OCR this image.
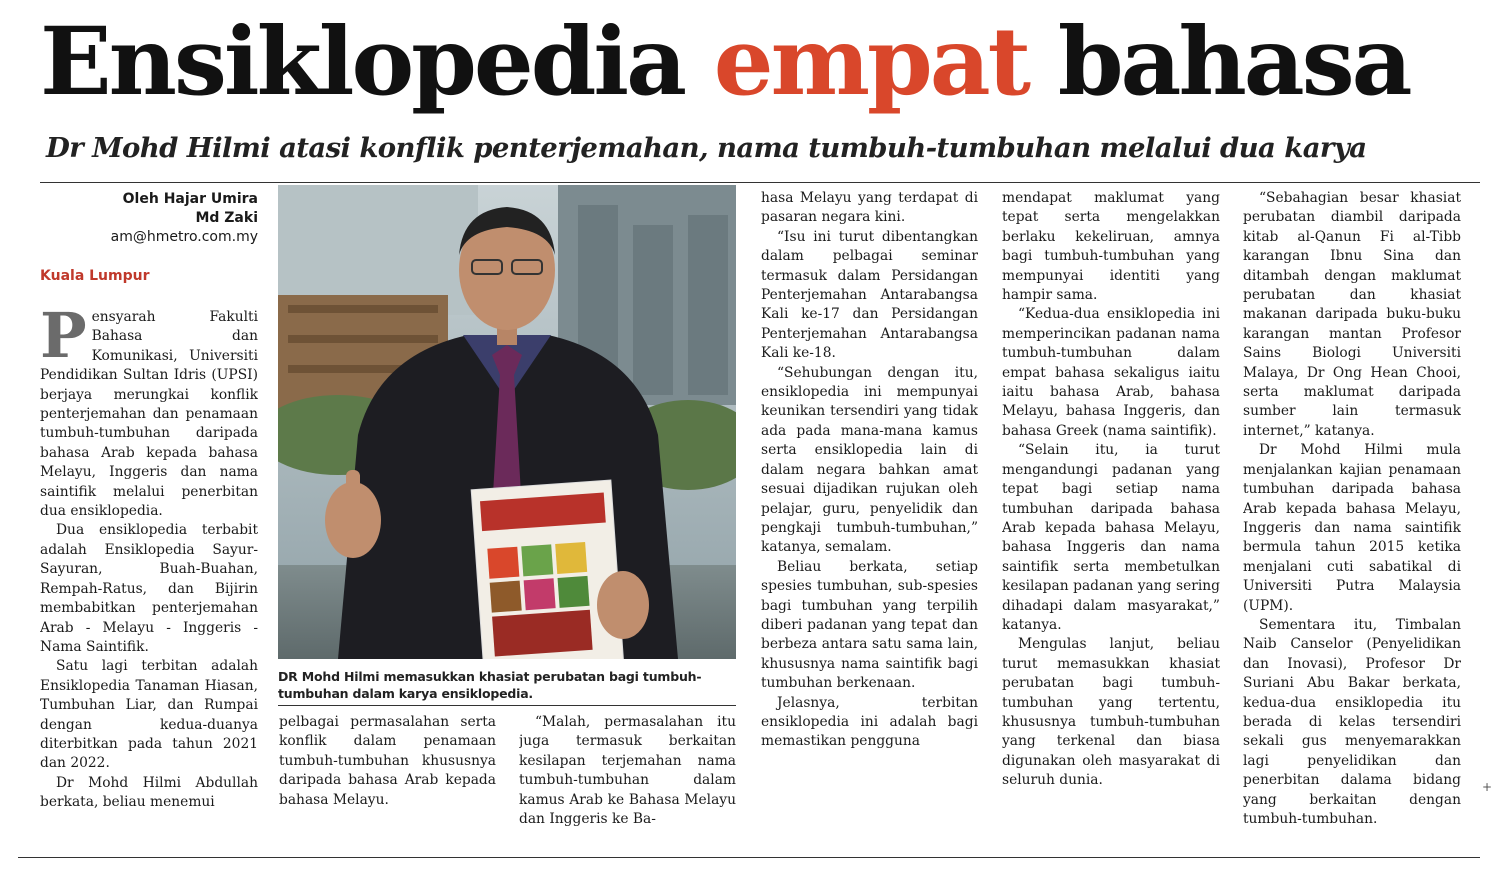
Ensiklopedia empat bahasa
Dr Mohd Hilmi atasi konflik penterjemahan, nama tumbuh-tumbuhan melalui dua karya
Oleh Hajar Umira
Md Zaki
am@hmetro.com.my
Kuala Lumpur

Pensyarah Fakulti Bahasa dan Komunikasi, Universiti Pendidikan Sultan Idris (UPSI) berjaya merungkai konflik penterjemahan dan penamaan tumbuh-tumbuhan daripada bahasa Arab kepada bahasa Melayu, Inggeris dan nama saintifik melalui penerbitan dua ensiklopedia.

Dua ensiklopedia terbabit adalah Ensiklopedia Sayur-Sayuran, Buah-Buahan, Rempah-Ratus, dan Bijirin membabitkan penterjemahan Arab - Melayu - Inggeris - Nama Saintifik.

Satu lagi terbitan adalah Ensiklopedia Tanaman Hiasan, Tumbuhan Liar, dan Rumpai dengan kedua-duanya diterbitkan pada tahun 2021 dan 2022.

Dr Mohd Hilmi Abdullah berkata, beliau menemui

DR Mohd Hilmi memasukkan khasiat perubatan bagi tumbuh-tumbuhan dalam karya ensiklopedia.

pelbagai permasalahan serta konflik dalam penamaan tumbuh-tumbuhan khususnya daripada bahasa Arab kepada bahasa Melayu.

“Malah, permasalahan itu juga termasuk berkaitan kesilapan terjemahan nama tumbuh-tumbuhan dalam kamus Arab ke Bahasa Melayu dan Inggeris ke Ba-

hasa Melayu yang terdapat di pasaran negara kini.

“Isu ini turut dibentangkan dalam pelbagai seminar termasuk dalam Persidangan Penterjemahan Antarabangsa Kali ke-17 dan Persidangan Penterjemahan Antarabangsa Kali ke-18.

“Sehubungan dengan itu, ensiklopedia ini mempunyai keunikan tersendiri yang tidak ada pada mana-mana kamus serta ensiklopedia lain di dalam negara bahkan amat sesuai dijadikan rujukan oleh pelajar, guru, penyelidik dan pengkaji tumbuh-tumbuhan,” katanya, semalam.

Beliau berkata, setiap spesies tumbuhan, sub-spesies bagi tumbuhan yang terpilih diberi padanan yang tepat dan berbeza antara satu sama lain, khususnya nama saintifik bagi tumbuhan berkenaan.

Jelasnya, terbitan ensiklopedia ini adalah bagi memastikan pengguna

mendapat maklumat yang tepat serta mengelakkan berlaku kekeliruan, amnya bagi tumbuh-tumbuhan yang mempunyai identiti yang hampir sama.

“Kedua-dua ensiklopedia ini memperincikan padanan nama tumbuh-tumbuhan dalam empat bahasa sekaligus iaitu iaitu bahasa Arab, bahasa Melayu, bahasa Inggeris, dan bahasa Greek (nama saintifik).

“Selain itu, ia turut mengandungi padanan yang tepat bagi setiap nama tumbuhan daripada bahasa Arab kepada bahasa Melayu, bahasa Inggeris dan nama saintifik serta membetulkan kesilapan padanan yang sering dihadapi dalam masyarakat,” katanya.

Mengulas lanjut, beliau turut memasukkan khasiat perubatan bagi tumbuh-tumbuhan yang tertentu, khususnya tumbuh-tumbuhan yang terkenal dan biasa digunakan oleh masyarakat di seluruh dunia.

“Sebahagian besar khasiat perubatan diambil daripada kitab al-Qanun Fi al-Tibb karangan Ibnu Sina dan ditambah dengan maklumat perubatan dan khasiat makanan daripada buku-buku karangan mantan Profesor Sains Biologi Universiti Malaya, Dr Ong Hean Chooi, serta maklumat daripada sumber lain termasuk internet,” katanya.

Dr Mohd Hilmi mula menjalankan kajian penamaan tumbuhan daripada bahasa Arab kepada bahasa Melayu, Inggeris dan nama saintifik bermula tahun 2015 ketika menjalani cuti sabatikal di Universiti Putra Malaysia (UPM).

Sementara itu, Timbalan Naib Canselor (Penyelidikan dan Inovasi), Profesor Dr Suriani Abu Bakar berkata, kedua-dua ensiklopedia itu berada di kelas tersendiri sekali gus menyemarakkan lagi penyelidikan dan penerbitan dalama bidang yang berkaitan dengan tumbuh-tumbuhan.

+
